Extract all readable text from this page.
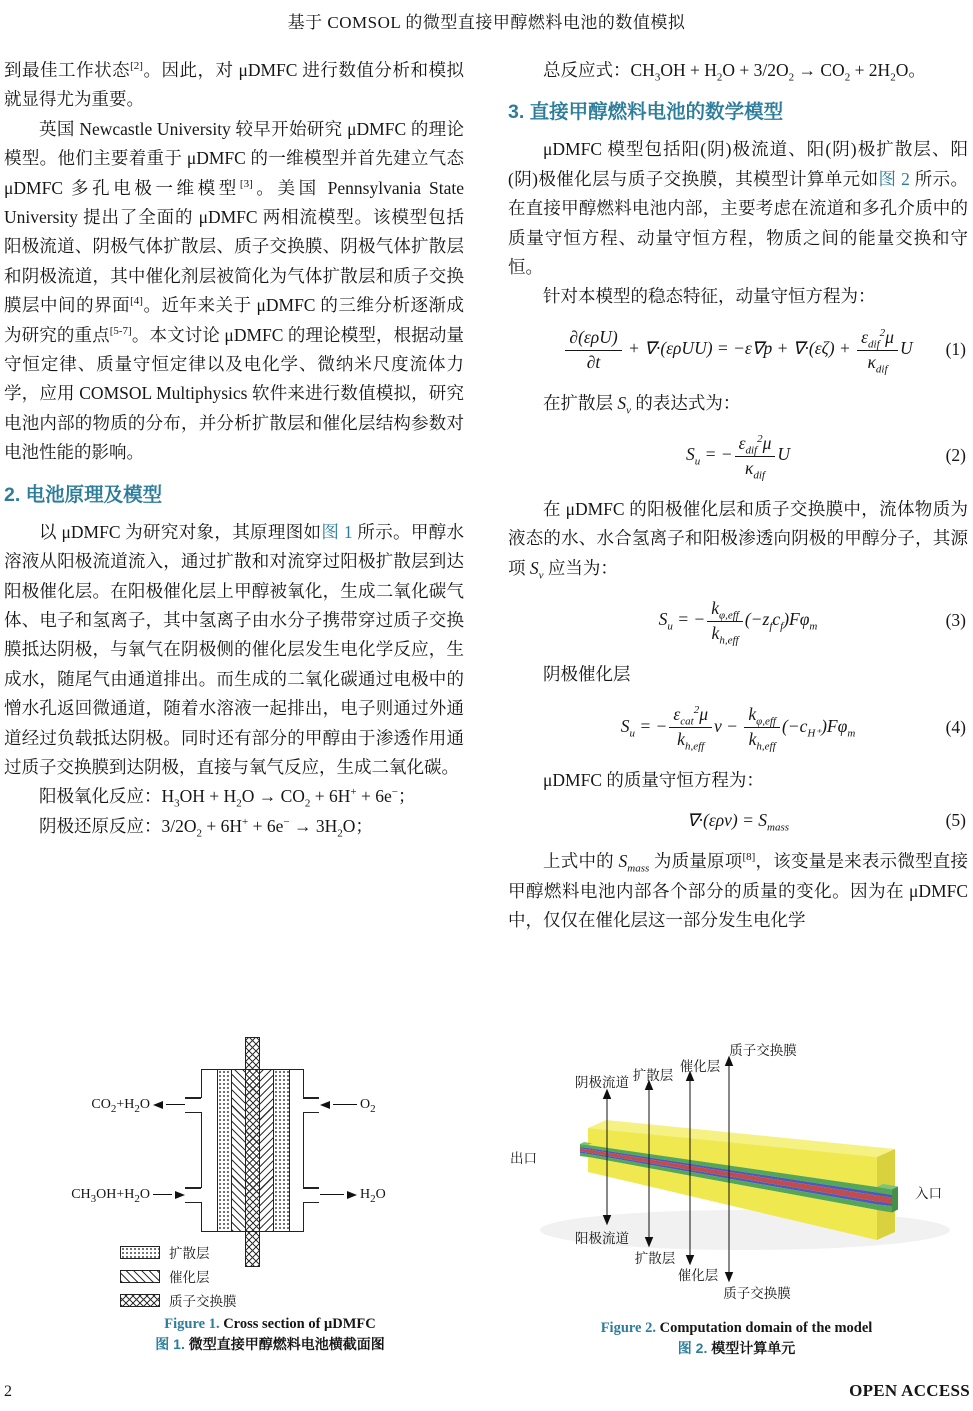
基于 COMSOL 的微型直接甲醇燃料电池的数值模拟

到最佳工作状态[2]。因此，对 μDMFC 进行数值分析和模拟就显得尤为重要。

英国 Newcastle University 较早开始研究 μDMFC 的理论模型。他们主要着重于 μDMFC 的一维模型并首先建立气态 μDMFC 多孔电极一维模型[3]。美国 Pennsylvania State University 提出了全面的 μDMFC 两相流模型。该模型包括阳极流道、阴极气体扩散层、质子交换膜、阴极气体扩散层和阴极流道，其中催化剂层被简化为气体扩散层和质子交换膜层中间的界面[4]。近年来关于 μDMFC 的三维分析逐渐成为研究的重点[5-7]。本文讨论 μDMFC 的理论模型，根据动量守恒定律、质量守恒定律以及电化学、微纳米尺度流体力学，应用 COMSOL Multiphysics 软件来进行数值模拟，研究电池内部的物质的分布，并分析扩散层和催化层结构参数对电池性能的影响。

2. 电池原理及模型

以 μDMFC 为研究对象，其原理图如图 1 所示。甲醇水溶液从阳极流道流入，通过扩散和对流穿过阳极扩散层到达阳极催化层。在阳极催化层上甲醇被氧化，生成二氧化碳气体、电子和氢离子，其中氢离子由水分子携带穿过质子交换膜抵达阴极，与氧气在阴极侧的催化层发生电化学反应，生成水，随尾气由通道排出。而生成的二氧化碳通过电极中的憎水孔返回微通道，随着水溶液一起排出，电子则通过外通道经过负载抵达阴极。同时还有部分的甲醇由于渗透作用通过质子交换膜到达阴极，直接与氧气反应，生成二氧化碳。

阳极氧化反应：$H_3OH + H_2O \to CO_2 + 6H^+ + 6e^-$；

阴极还原反应：$3/2O_2 + 6H^+ + 6e^- \to 3H_2O$；

总反应式：$CH_3OH + H_2O + 3/2O_2 \to CO_2 + 2H_2O$。

3. 直接甲醇燃料电池的数学模型

μDMFC 模型包括阳(阴)极流道、阳(阴)极扩散层、阳(阴)极催化层与质子交换膜，其模型计算单元如图 2 所示。在直接甲醇燃料电池内部，主要考虑在流道和多孔介质中的质量守恒方程、动量守恒方程，物质之间的能量交换和守恒。

针对本模型的稳态特征，动量守恒方程为：

$\frac{\text{∂(ερU)}}{\partial t} + \nabla\cdot(\varepsilon\rho UU) = -\varepsilon\nabla p + \nabla\cdot(\varepsilon\zeta) + \frac{\varepsilon_{dif}^2\mu}{\kappa_{dif}}$ U (1)

在扩散层 $S_v$ 的表达式为：

$S_u$ = − $\frac{\varepsilon_{dif}^2\mu}{\kappa_{dif}}$ U	(2)

在 μDMFC 的阳极催化层和质子交换膜中，流体物质为液态的水、水合氢离子和阳极渗透向阴极的甲醇分子，其源项 $S_v$ 应当为：

$S_u$ = − $\frac{k_{\varphi,eff}}{k_{h,eff}} (-z_fc_f)F\varphi_m$	(3)

阴极催化层

$S_u$ = − $\frac{\varepsilon_{cat}^2\mu}{k_{h,eff}}$ $v - \frac{k_{\varphi,eff}}{k_{h,eff}} (-c_{H^+})F\varphi_m$	(4)

μDMFC 的质量守恒方程为：

$\nabla\cdot(\varepsilon\rho v) = S_{mass}$	(5)

上式中的 $S_{mass}$ 为质量原项[8]，该变量是来表示微型直接甲醇燃料电池内部各个部分的质量的变化。因为在 μDMFC 中，仅仅在催化层这一部分发生电化学

$CO_2+H_2O$	$O_2$
$CH_3OH+H_2O$	$H_2O$
扩散层
催化层
质子交换膜
Figure 1. Cross section of μDMFC
图 1. 微型直接甲醇燃料电池横截面图
阴极流道 扩散层
催化层
质子交换膜
出口
入口
阳极流道
扩散层
催化层
质子交换膜
Figure 2. Computation domain of the model
图 2. 模型计算单元
2	OPEN ACCESS
